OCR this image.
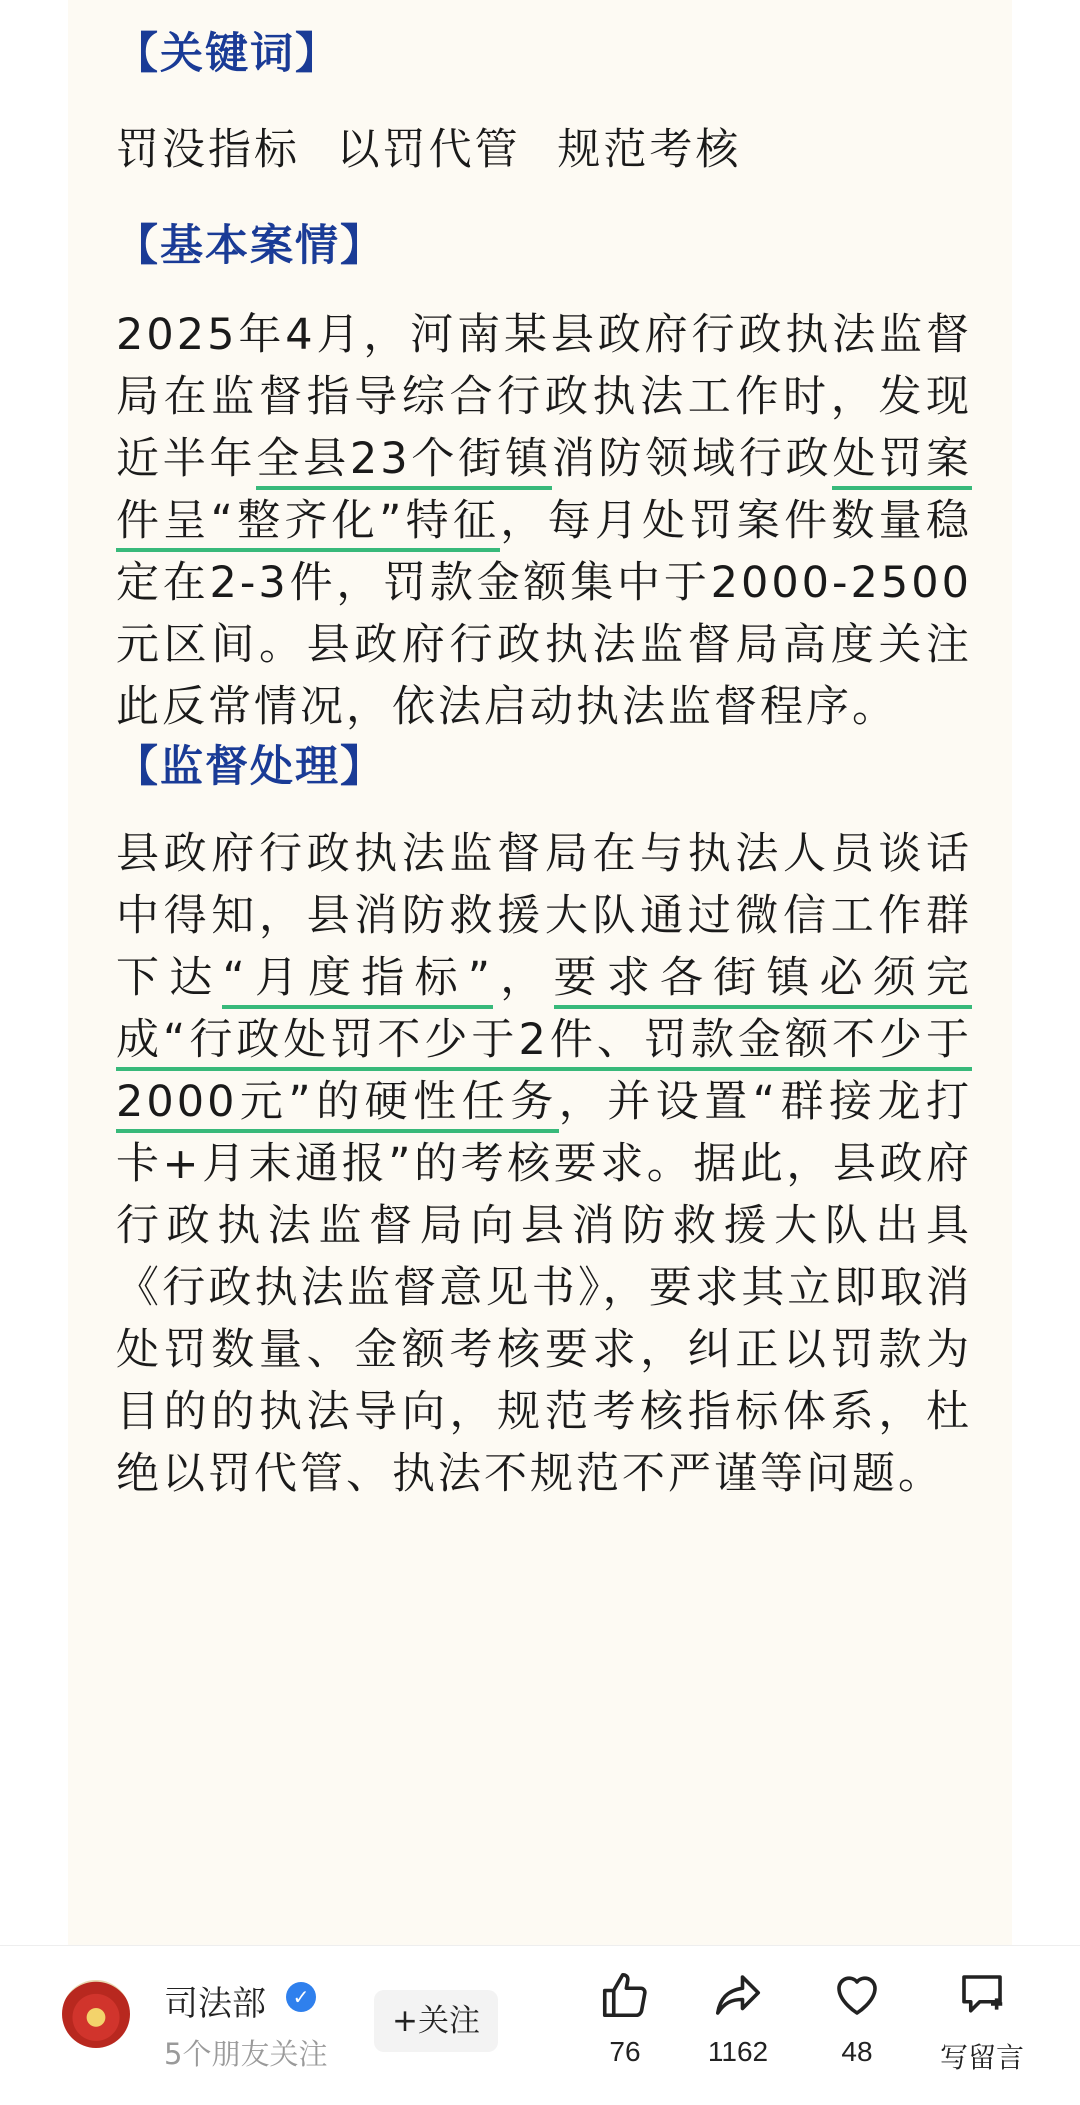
【关键词】
罚没指标 以罚代管 规范考核
【基本案情】
2025年4月，河南某县政府行政执法监督局在监督指导综合行政执法工作时，发现近半年全县23个街镇消防领域行政处罚案件呈“整齐化”特征，每月处罚案件数量稳定在2-3件，罚款金额集中于2000-2500元区间。县政府行政执法监督局高度关注此反常情况，依法启动执法监督程序。
【监督处理】
县政府行政执法监督局在与执法人员谈话中得知，县消防救援大队通过微信工作群下达“月度指标”，要求各街镇必须完成“行政处罚不少于2件、罚款金额不少于2000元”的硬性任务，并设置“群接龙打卡+月末通报”的考核要求。据此，县政府行政执法监督局向县消防救援大队出具《行政执法监督意见书》，要求其立即取消处罚数量、金额考核要求，纠正以罚款为目的的执法导向，规范考核指标体系，杜绝以罚代管、执法不规范不严谨等问题。
司法部	✓
5个朋友关注
+关注
76	1162	48	写留言
